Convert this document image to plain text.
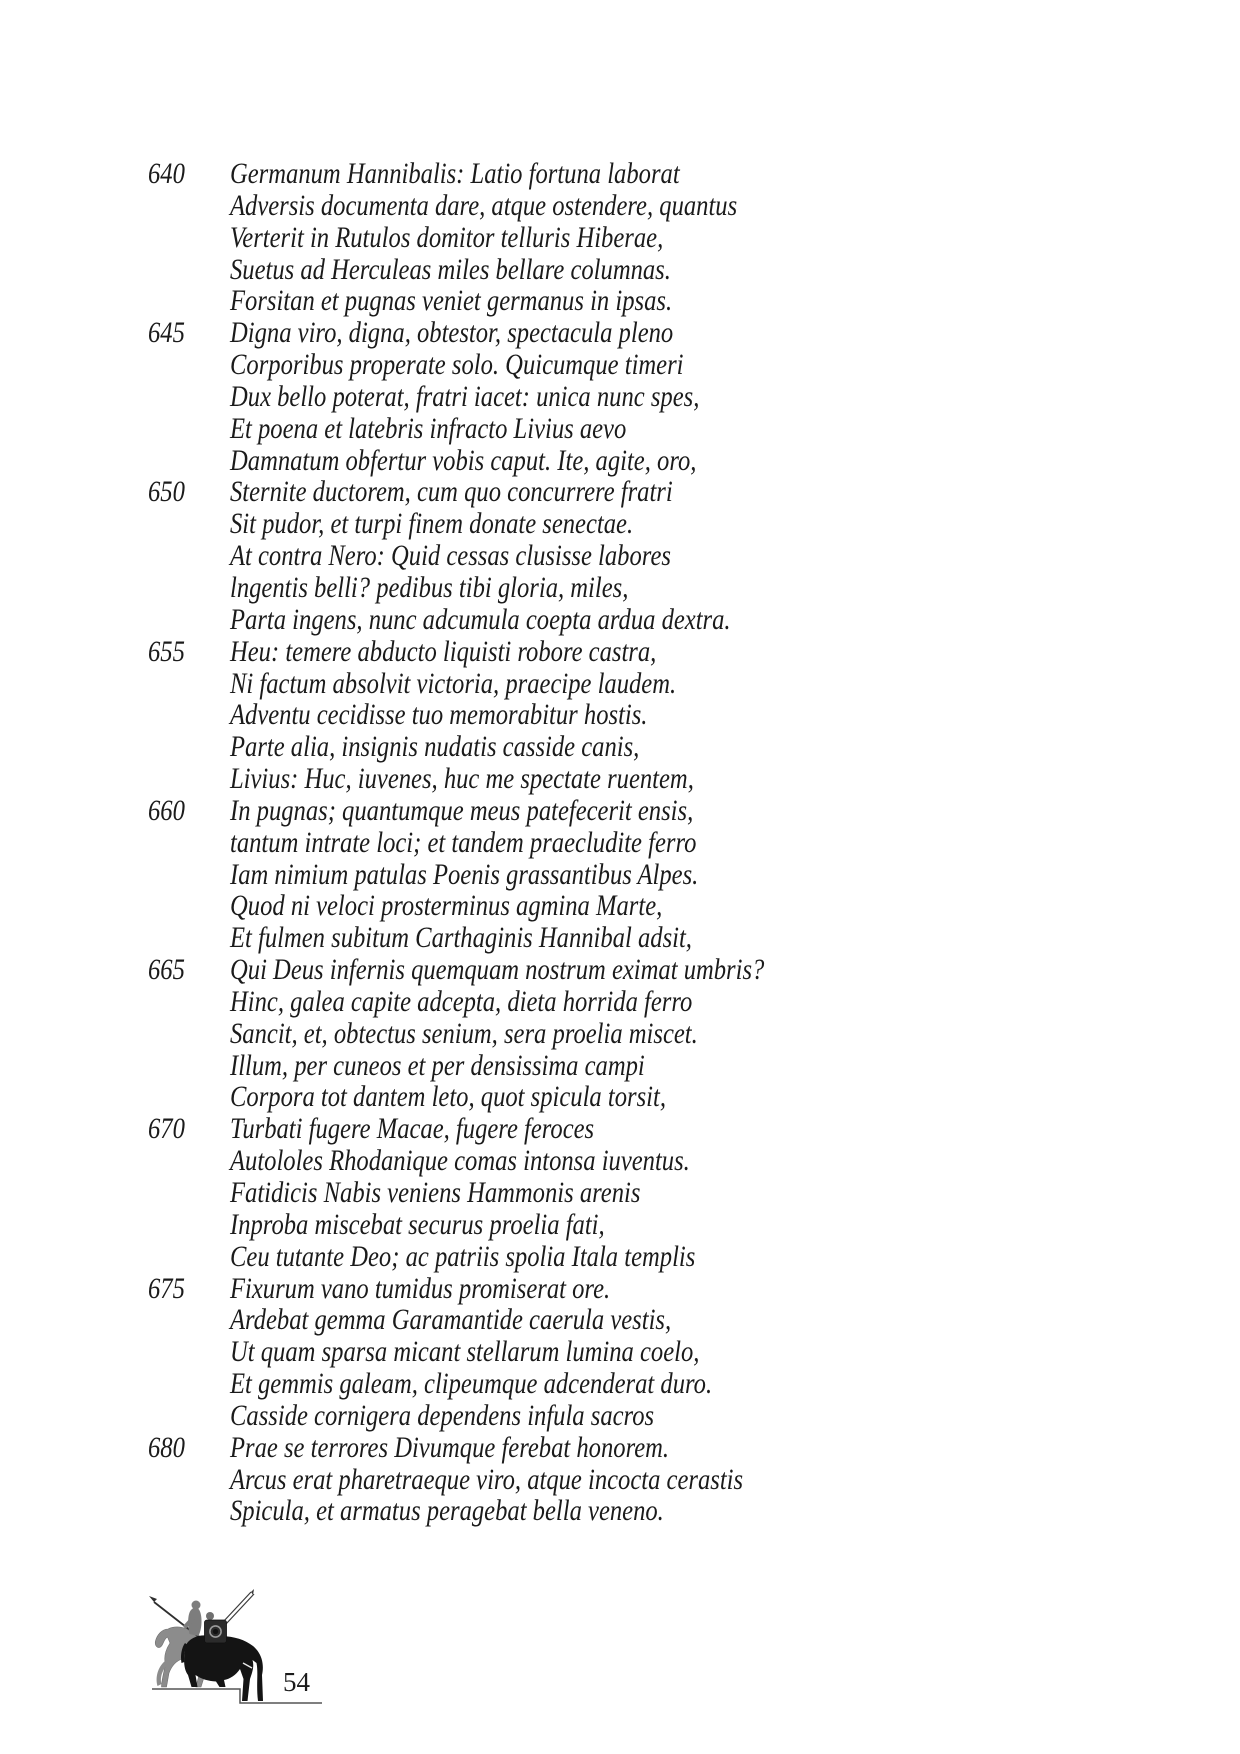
640	Germanum Hannibalis: Latio fortuna laborat
Adversis documenta dare, atque ostendere, quantus
Verterit in Rutulos domitor telluris Hiberae,
Suetus ad Herculeas miles bellare columnas.
Forsitan et pugnas veniet germanus in ipsas.
645	Digna viro, digna, obtestor, spectacula pleno
Corporibus properate solo. Quicumque timeri
Dux bello poterat, fratri iacet: unica nunc spes,
Et poena et latebris infracto Livius aevo
Damnatum obfertur vobis caput. Ite, agite, oro,
650	Sternite ductorem, cum quo concurrere fratri
Sit pudor, et turpi finem donate senectae.
At contra Nero: Quid cessas clusisse labores
lngentis belli? pedibus tibi gloria, miles,
Parta ingens, nunc adcumula coepta ardua dextra.
655	Heu: temere abducto liquisti robore castra,
Ni factum absolvit victoria, praecipe laudem.
Adventu cecidisse tuo memorabitur hostis.
Parte alia, insignis nudatis casside canis,
Livius: Huc, iuvenes, huc me spectate ruentem,
660	In pugnas; quantumque meus patefecerit ensis,
tantum intrate loci; et tandem praecludite ferro
Iam nimium patulas Poenis grassantibus Alpes.
Quod ni veloci prosterminus agmina Marte,
Et fulmen subitum Carthaginis Hannibal adsit,
665	Qui Deus infernis quemquam nostrum eximat umbris?
Hinc, galea capite adcepta, dieta horrida ferro
Sancit, et, obtectus senium, sera proelia miscet.
Illum, per cuneos et per densissima campi
Corpora tot dantem leto, quot spicula torsit,
670	Turbati fugere Macae, fugere feroces
Autololes Rhodanique comas intonsa iuventus.
Fatidicis Nabis veniens Hammonis arenis
Inproba miscebat securus proelia fati,
Ceu tutante Deo; ac patriis spolia Itala templis
675	Fixurum vano tumidus promiserat ore.
Ardebat gemma Garamantide caerula vestis,
Ut quam sparsa micant stellarum lumina coelo,
Et gemmis galeam, clipeumque adcenderat duro.
Casside cornigera dependens infula sacros
680	Prae se terrores Divumque ferebat honorem.
Arcus erat pharetraeque viro, atque incocta cerastis
Spicula, et armatus peragebat bella veneno.
54
